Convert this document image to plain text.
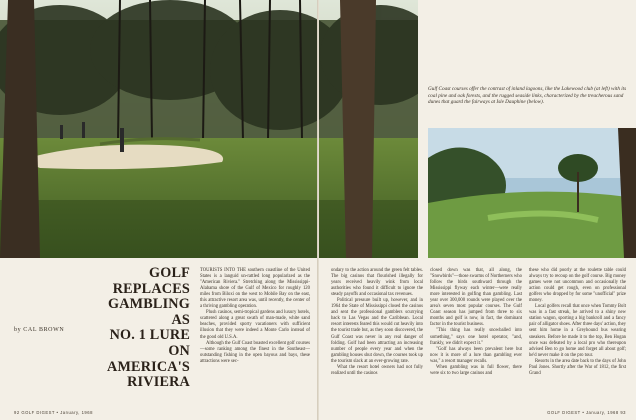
Gulf Coast courses offer the contrast of inland lagoons, like the Lakewood club (at left) with its coal pine and oak forests, and the rugged seaside links, characterized by the treacherous sand dunes that guard the fairways at Isle Dauphine (below).

GOLF
REPLACES
GAMBLING
AS
NO. 1 LURE
ON
AMERICA'S
RIVIERA
by CAL BROWN

TOURISTS INTO THE southern coastline of the United States is a languid un-rattled long popularized as the "American Riviera." Stretching along the Mississippi-Alabama shore of the Gulf of Mexico for roughly 120 miles from Biloxi on the west to Mobile Bay on the east, this attractive resort area was, until recently, the center of a thriving gambling operation.

Plush casinos, semi-tropical gardens and luxury hotels, scattered along a great swath of man-made, white sand beaches, provided sporty vacationers with sufficient illusion that they were indeed a Monte Carlo instead of the good old U.S.A.

Although the Gulf Coast boasted excellent golf courses—some ranking among the finest in the Southeast—outstanding fishing in the open bayous and bays, these attractions were sec-

ondary to the action around the green felt tables. The big casinos that flourished illegally for years received heavily wink from local authorities who found it difficult to ignore the steady payoffs and occasional tax revenues.

Political pressure built up, however, and in 1964 the State of Mississippi closed the casinos and sent the professional gamblers scurrying back to Las Vegas and the Caribbean. Local resort interests feared this would cut heavily into the tourist trade but, as they soon discovered, the Gulf Coast was never in any real danger of folding. Golf had been attracting an increasing number of people every year and when the gambling houses shut down, the courses took up the tourism slack at an ever-growing rate.

What the resort hotel owners had not fully realized until the casinos

closed down was that, all along, the "Snowbirds"—those swarms of Northerners who follow the birds southward through the Mississippi flyway each winter—were really more interested in golfing than gambling. Last year over 300,000 rounds were played over the area's seven most popular courses. The Gulf Coast season has jumped from three to six months and golf is now, in fact, the dominant factor in the tourist business.

"This thing has really snowballed into something," says one hotel operator, "and, frankly, we didn't expect it."

"Golf has always been prevalent here but now it is more of a lure than gambling ever was," a resort manager recalls.

When gambling was in full flower, there were six to two large casinos and

these who did poorly at the roulette table could always try to recoup on the golf course. Big money games were not uncommon and occasionally the action could get rough, even on professional golfers who dropped by for some "unofficial" prize money.

Local golfers recall that once when Tommy Bolt was in a fast streak, he arrived to a shiny new station wagon, sporting a big bankroll and a fancy pair of alligator shoes. After three days' action, they sent him home in a Greyhound bus wearing sneakers. Before he made it to the top, Ben Hogan once was defeated by a local pro who thereupon advised Ben to go home and forget all about golf; he'd never make it on the pro tour.

Resorts in the area date back to the days of John Paul Jones. Shortly after the War of 1812, the first Grand

92 GOLF DIGEST • January, 1968	GOLF DIGEST • January, 1968 93
